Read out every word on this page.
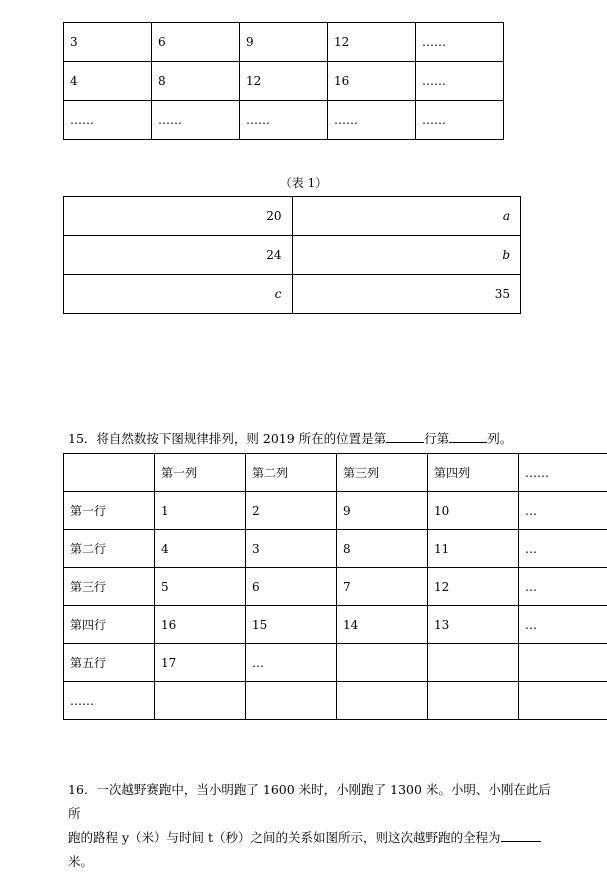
3	6	9	12	……
4	8	12	16	……
……	……	……	……	……
（表 1）
20	a
24	b
c	35
15．将自然数按下图规律排列，则 2019 所在的位置是第	行第	列。
	第一列	第二列	第三列	第四列	……
第一行	1	2	9	10	…
第二行	4	3	8	11	…
第三行	5	6	7	12	…
第四行	16	15	14	13	…
第五行	17	…			
……					
16．一次越野赛跑中，当小明跑了 1600 米时，小刚跑了 1300 米。小明、小刚在此后所
跑的路程 y（米）与时间 t（秒）之间的关系如图所示，则这次越野跑的全程为
米。
